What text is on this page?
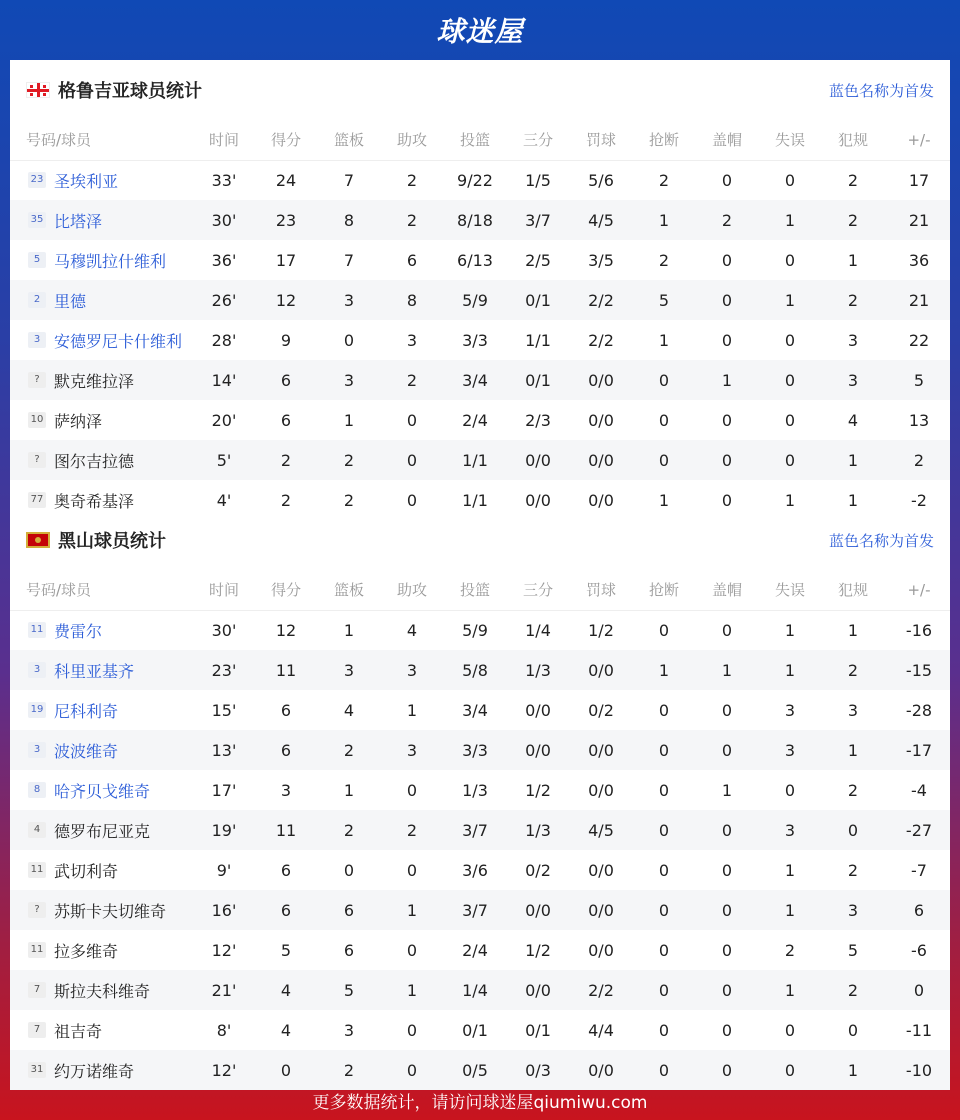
球迷屋
格鲁吉亚球员统计	蓝色名称为首发
号码/球员	时间	得分	篮板	助攻	投篮	三分	罚球	抢断	盖帽	失误	犯规	+/-
23 圣埃利亚	33'	24	7	2	9/22	1/5	5/6	2	0	0	2	17
35 比塔泽	30'	23	8	2	8/18	3/7	4/5	1	2	1	2	21
5 马穆凯拉什维利	36'	17	7	6	6/13	2/5	3/5	2	0	0	1	36
2 里德	26'	12	3	8	5/9	0/1	2/2	5	0	1	2	21
3 安德罗尼卡什维利	28'	9	0	3	3/3	1/1	2/2	1	0	0	3	22
? 默克维拉泽	14'	6	3	2	3/4	0/1	0/0	0	1	0	3	5
10 萨纳泽	20'	6	1	0	2/4	2/3	0/0	0	0	0	4	13
? 图尔吉拉德	5'	2	2	0	1/1	0/0	0/0	0	0	0	1	2
77 奥奇希基泽	4'	2	2	0	1/1	0/0	0/0	1	0	1	1	-2
黑山球员统计	蓝色名称为首发
号码/球员	时间	得分	篮板	助攻	投篮	三分	罚球	抢断	盖帽	失误	犯规	+/-
11 费雷尔	30'	12	1	4	5/9	1/4	1/2	0	0	1	1	-16
3 科里亚基齐	23'	11	3	3	5/8	1/3	0/0	1	1	1	2	-15
19 尼科利奇	15'	6	4	1	3/4	0/0	0/2	0	0	3	3	-28
3 波波维奇	13'	6	2	3	3/3	0/0	0/0	0	0	3	1	-17
8 哈齐贝戈维奇	17'	3	1	0	1/3	1/2	0/0	0	1	0	2	-4
4 德罗布尼亚克	19'	11	2	2	3/7	1/3	4/5	0	0	3	0	-27
11 武切利奇	9'	6	0	0	3/6	0/2	0/0	0	0	1	2	-7
? 苏斯卡夫切维奇	16'	6	6	1	3/7	0/0	0/0	0	0	1	3	6
11 拉多维奇	12'	5	6	0	2/4	1/2	0/0	0	0	2	5	-6
7 斯拉夫科维奇	21'	4	5	1	1/4	0/0	2/2	0	0	1	2	0
7 祖吉奇	8'	4	3	0	0/1	0/1	4/4	0	0	0	0	-11
31 约万诺维奇	12'	0	2	0	0/5	0/3	0/0	0	0	0	1	-10
更多数据统计，请访问球迷屋qiumiwu.com
